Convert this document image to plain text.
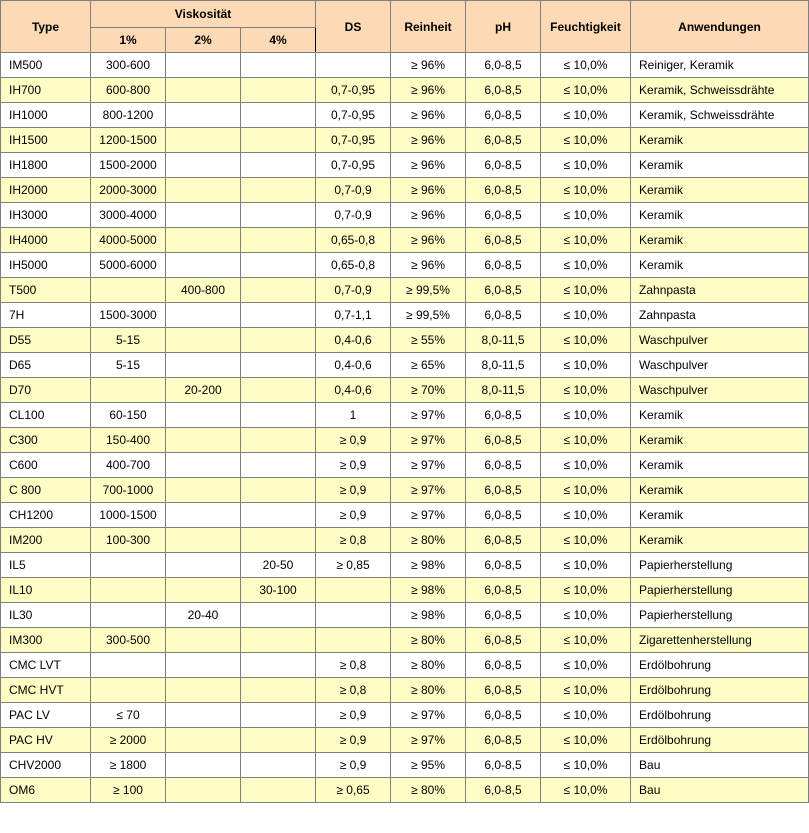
Type	Viskosität			DS	Reinheit	pH	Feuchtigkeit	Anwendungen
	1%	2%	4%					
IM500	300-600				≥ 96%	6,0-8,5	≤ 10,0%	Reiniger, Keramik
IH700	600-800			0,7-0,95	≥ 96%	6,0-8,5	≤ 10,0%	Keramik, Schweissdrähte
IH1000	800-1200			0,7-0,95	≥ 96%	6,0-8,5	≤ 10,0%	Keramik, Schweissdrähte
IH1500	1200-1500			0,7-0,95	≥ 96%	6,0-8,5	≤ 10,0%	Keramik
IH1800	1500-2000			0,7-0,95	≥ 96%	6,0-8,5	≤ 10,0%	Keramik
IH2000	2000-3000			0,7-0,9	≥ 96%	6,0-8,5	≤ 10,0%	Keramik
IH3000	3000-4000			0,7-0,9	≥ 96%	6,0-8,5	≤ 10,0%	Keramik
IH4000	4000-5000			0,65-0,8	≥ 96%	6,0-8,5	≤ 10,0%	Keramik
IH5000	5000-6000			0,65-0,8	≥ 96%	6,0-8,5	≤ 10,0%	Keramik
T500		400-800		0,7-0,9	≥ 99,5%	6,0-8,5	≤ 10,0%	Zahnpasta
7H	1500-3000			0,7-1,1	≥ 99,5%	6,0-8,5	≤ 10,0%	Zahnpasta
D55	5-15			0,4-0,6	≥ 55%	8,0-11,5	≤ 10,0%	Waschpulver
D65	5-15			0,4-0,6	≥ 65%	8,0-11,5	≤ 10,0%	Waschpulver
D70		20-200		0,4-0,6	≥ 70%	8,0-11,5	≤ 10,0%	Waschpulver
CL100	60-150			1	≥ 97%	6,0-8,5	≤ 10,0%	Keramik
C300	150-400			≥ 0,9	≥ 97%	6,0-8,5	≤ 10,0%	Keramik
C600	400-700			≥ 0,9	≥ 97%	6,0-8,5	≤ 10,0%	Keramik
C 800	700-1000			≥ 0,9	≥ 97%	6,0-8,5	≤ 10,0%	Keramik
CH1200	1000-1500			≥ 0,9	≥ 97%	6,0-8,5	≤ 10,0%	Keramik
IM200	100-300			≥ 0,8	≥ 80%	6,0-8,5	≤ 10,0%	Keramik
IL5			20-50	≥ 0,85	≥ 98%	6,0-8,5	≤ 10,0%	Papierherstellung
IL10			30-100		≥ 98%	6,0-8,5	≤ 10,0%	Papierherstellung
IL30		20-40			≥ 98%	6,0-8,5	≤ 10,0%	Papierherstellung
IM300	300-500				≥ 80%	6,0-8,5	≤ 10,0%	Zigarettenherstellung
CMC LVT				≥ 0,8	≥ 80%	6,0-8,5	≤ 10,0%	Erdölbohrung
CMC HVT				≥ 0,8	≥ 80%	6,0-8,5	≤ 10,0%	Erdölbohrung
PAC LV	≤ 70			≥ 0,9	≥ 97%	6,0-8,5	≤ 10,0%	Erdölbohrung
PAC HV	≥ 2000			≥ 0,9	≥ 97%	6,0-8,5	≤ 10,0%	Erdölbohrung
CHV2000	≥ 1800			≥ 0,9	≥ 95%	6,0-8,5	≤ 10,0%	Bau
OM6	≥ 100			≥ 0,65	≥ 80%	6,0-8,5	≤ 10,0%	Bau
